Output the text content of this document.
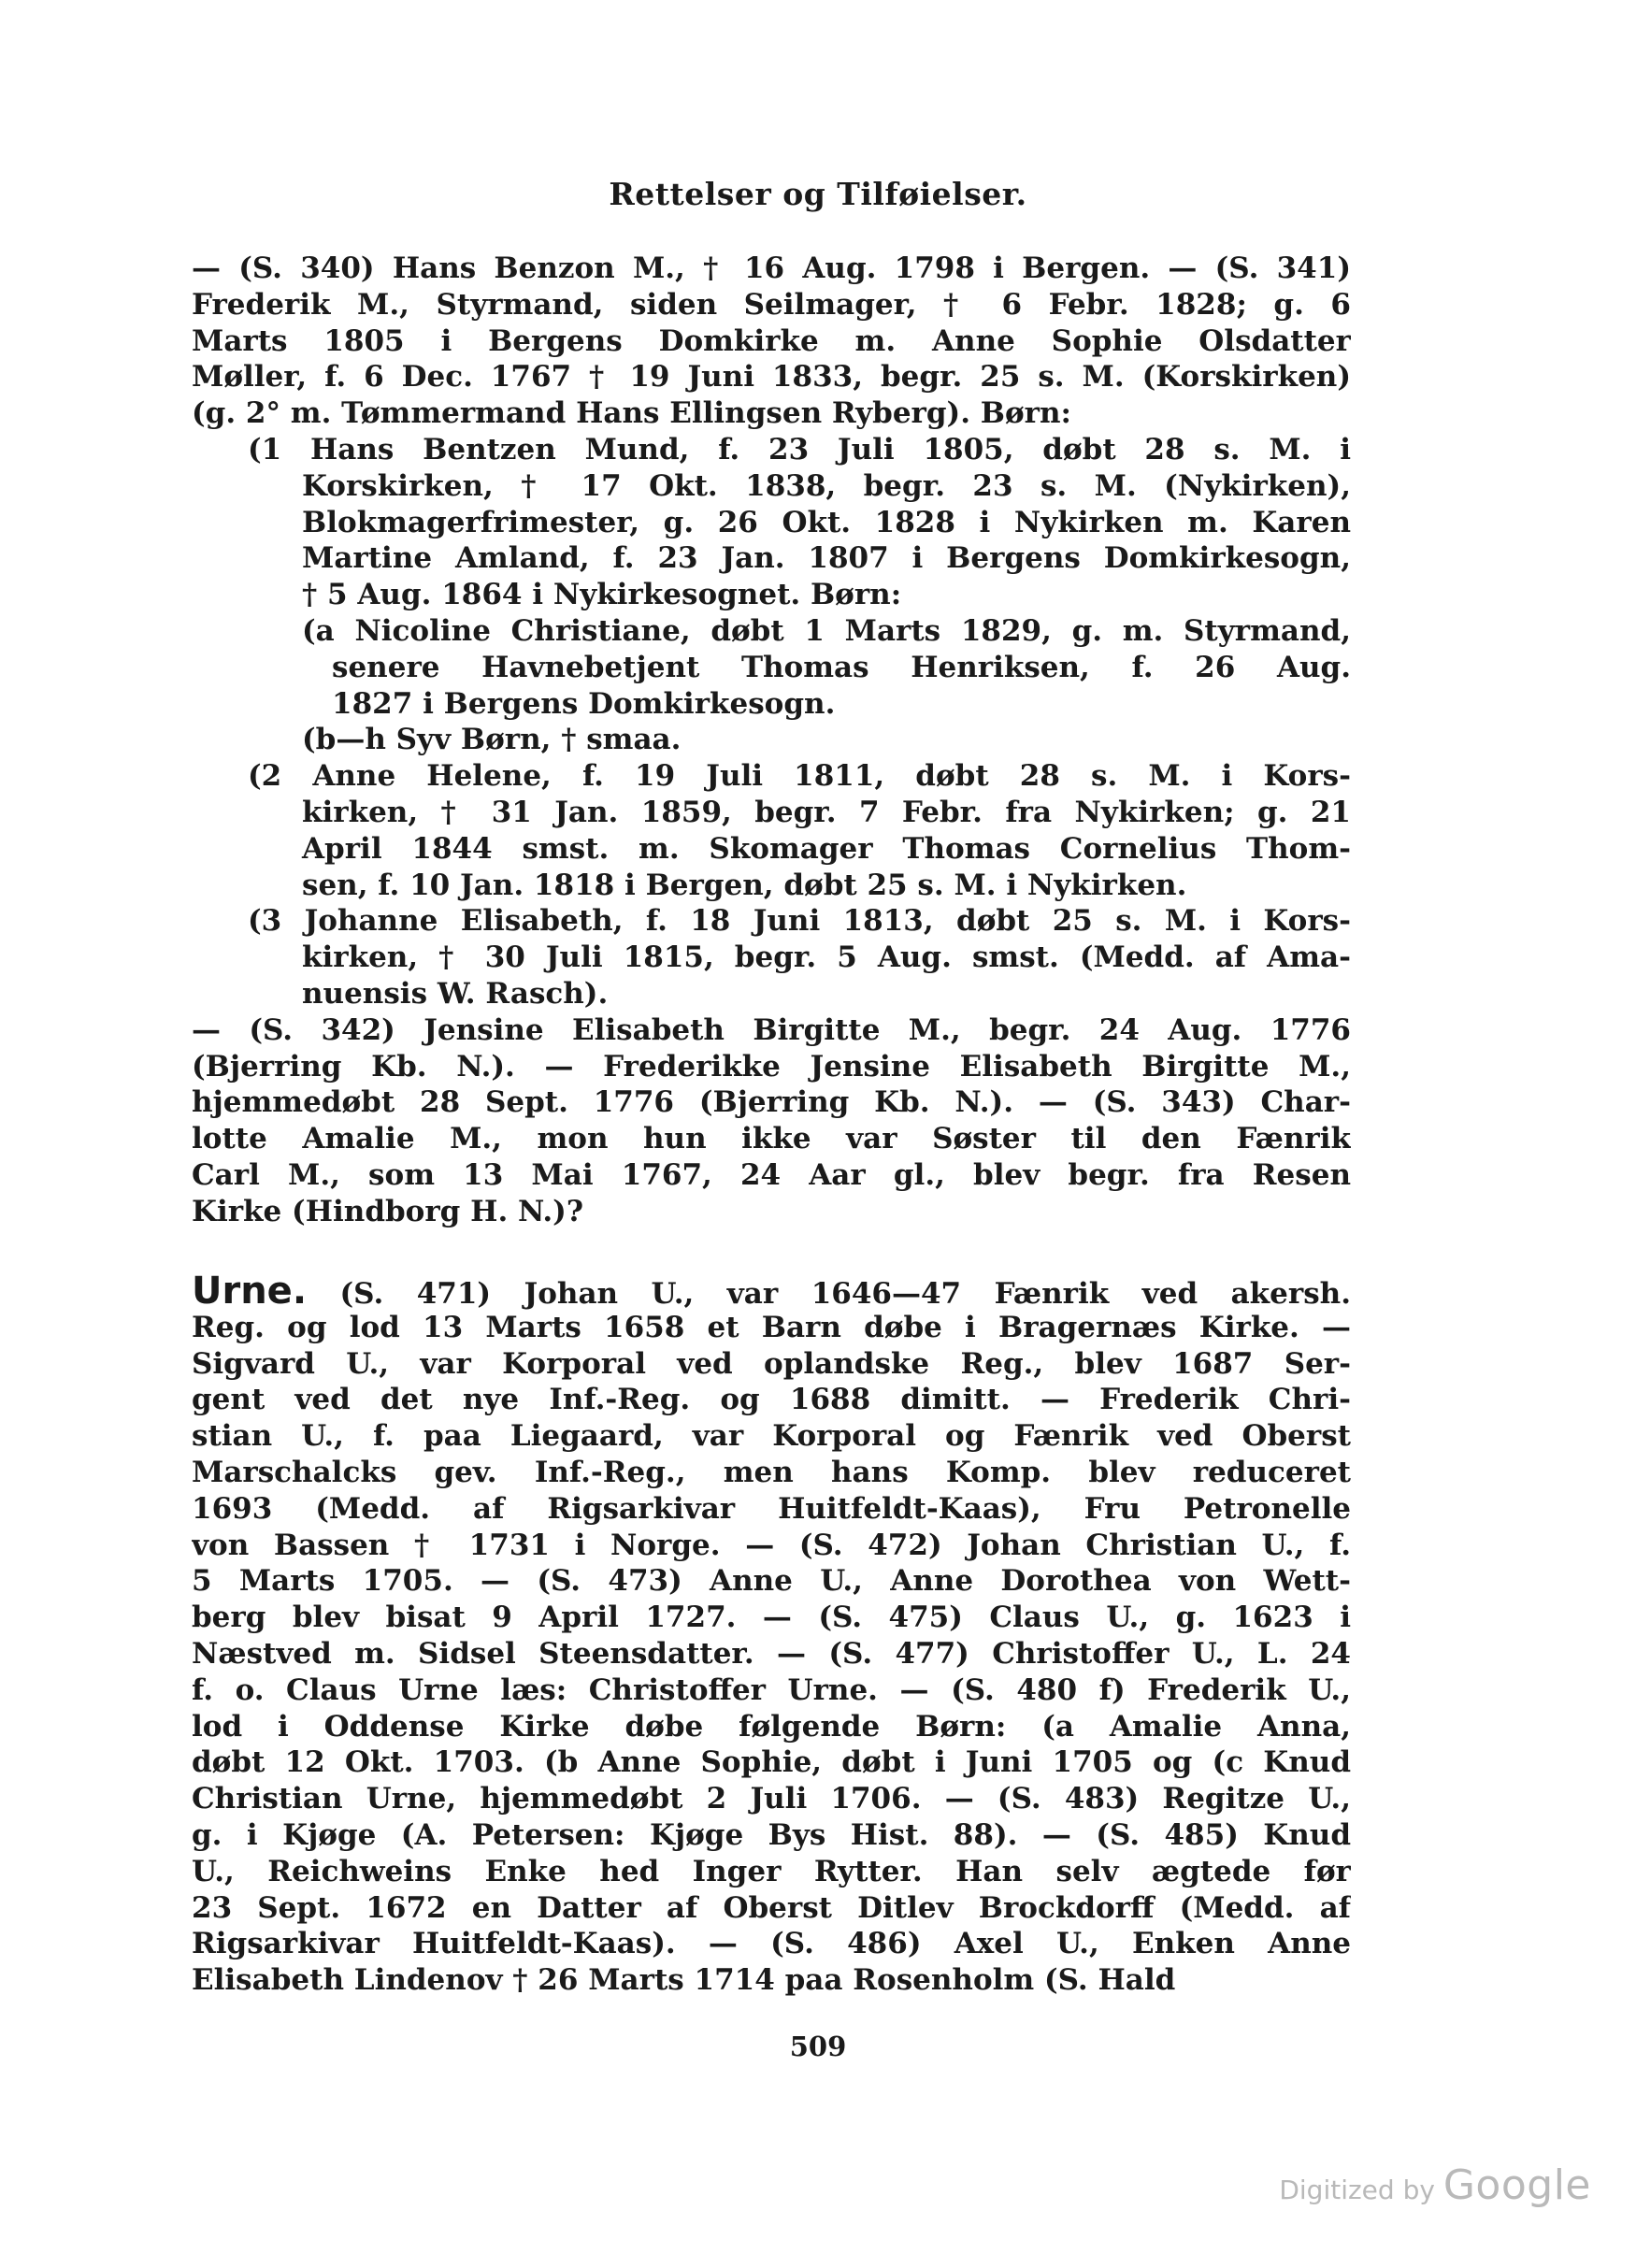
Rettelser og Tilføielser.
— (S. 340) Hans Benzon M., † 16 Aug. 1798 i Bergen. — (S. 341)
Frederik M., Styrmand, siden Seilmager, † 6 Febr. 1828; g. 6
Marts 1805 i Bergens Domkirke m. Anne Sophie Olsdatter
Møller, f. 6 Dec. 1767 † 19 Juni 1833, begr. 25 s. M. (Korskirken)
(g. 2° m. Tømmermand Hans Ellingsen Ryberg). Børn:
(1 Hans Bentzen Mund, f. 23 Juli 1805, døbt 28 s. M. i
Korskirken, † 17 Okt. 1838, begr. 23 s. M. (Nykirken),
Blokmagerfrimester, g. 26 Okt. 1828 i Nykirken m. Karen
Martine Amland, f. 23 Jan. 1807 i Bergens Domkirkesogn,
† 5 Aug. 1864 i Nykirkesognet. Børn:
(a Nicoline Christiane, døbt 1 Marts 1829, g. m. Styrmand,
senere Havnebetjent Thomas Henriksen, f. 26 Aug.
1827 i Bergens Domkirkesogn.
(b—h Syv Børn, † smaa.
(2 Anne Helene, f. 19 Juli 1811, døbt 28 s. M. i Kors-
kirken, † 31 Jan. 1859, begr. 7 Febr. fra Nykirken; g. 21
April 1844 smst. m. Skomager Thomas Cornelius Thom-
sen, f. 10 Jan. 1818 i Bergen, døbt 25 s. M. i Nykirken.
(3 Johanne Elisabeth, f. 18 Juni 1813, døbt 25 s. M. i Kors-
kirken, † 30 Juli 1815, begr. 5 Aug. smst. (Medd. af Ama-
nuensis W. Rasch).
— (S. 342) Jensine Elisabeth Birgitte M., begr. 24 Aug. 1776
(Bjerring Kb. N.). — Frederikke Jensine Elisabeth Birgitte M.,
hjemmedøbt 28 Sept. 1776 (Bjerring Kb. N.). — (S. 343) Char-
lotte Amalie M., mon hun ikke var Søster til den Fænrik
Carl M., som 13 Mai 1767, 24 Aar gl., blev begr. fra Resen
Kirke (Hindborg H. N.)?
Urne. (S. 471) Johan U., var 1646—47 Fænrik ved akersh.
Reg. og lod 13 Marts 1658 et Barn døbe i Bragernæs Kirke. —
Sigvard U., var Korporal ved oplandske Reg., blev 1687 Ser-
gent ved det nye Inf.-Reg. og 1688 dimitt. — Frederik Chri-
stian U., f. paa Liegaard, var Korporal og Fænrik ved Oberst
Marschalcks gev. Inf.-Reg., men hans Komp. blev reduceret
1693 (Medd. af Rigsarkivar Huitfeldt-Kaas), Fru Petronelle
von Bassen † 1731 i Norge. — (S. 472) Johan Christian U., f.
5 Marts 1705. — (S. 473) Anne U., Anne Dorothea von Wett-
berg blev bisat 9 April 1727. — (S. 475) Claus U., g. 1623 i
Næstved m. Sidsel Steensdatter. — (S. 477) Christoffer U., L. 24
f. o. Claus Urne læs: Christoffer Urne. — (S. 480 f) Frederik U.,
lod i Oddense Kirke døbe følgende Børn: (a Amalie Anna,
døbt 12 Okt. 1703. (b Anne Sophie, døbt i Juni 1705 og (c Knud
Christian Urne, hjemmedøbt 2 Juli 1706. — (S. 483) Regitze U.,
g. i Kjøge (A. Petersen: Kjøge Bys Hist. 88). — (S. 485) Knud
U., Reichweins Enke hed Inger Rytter. Han selv ægtede før
23 Sept. 1672 en Datter af Oberst Ditlev Brockdorff (Medd. af
Rigsarkivar Huitfeldt-Kaas). — (S. 486) Axel U., Enken Anne
Elisabeth Lindenov † 26 Marts 1714 paa Rosenholm (S. Hald
509
Digitized by Google
